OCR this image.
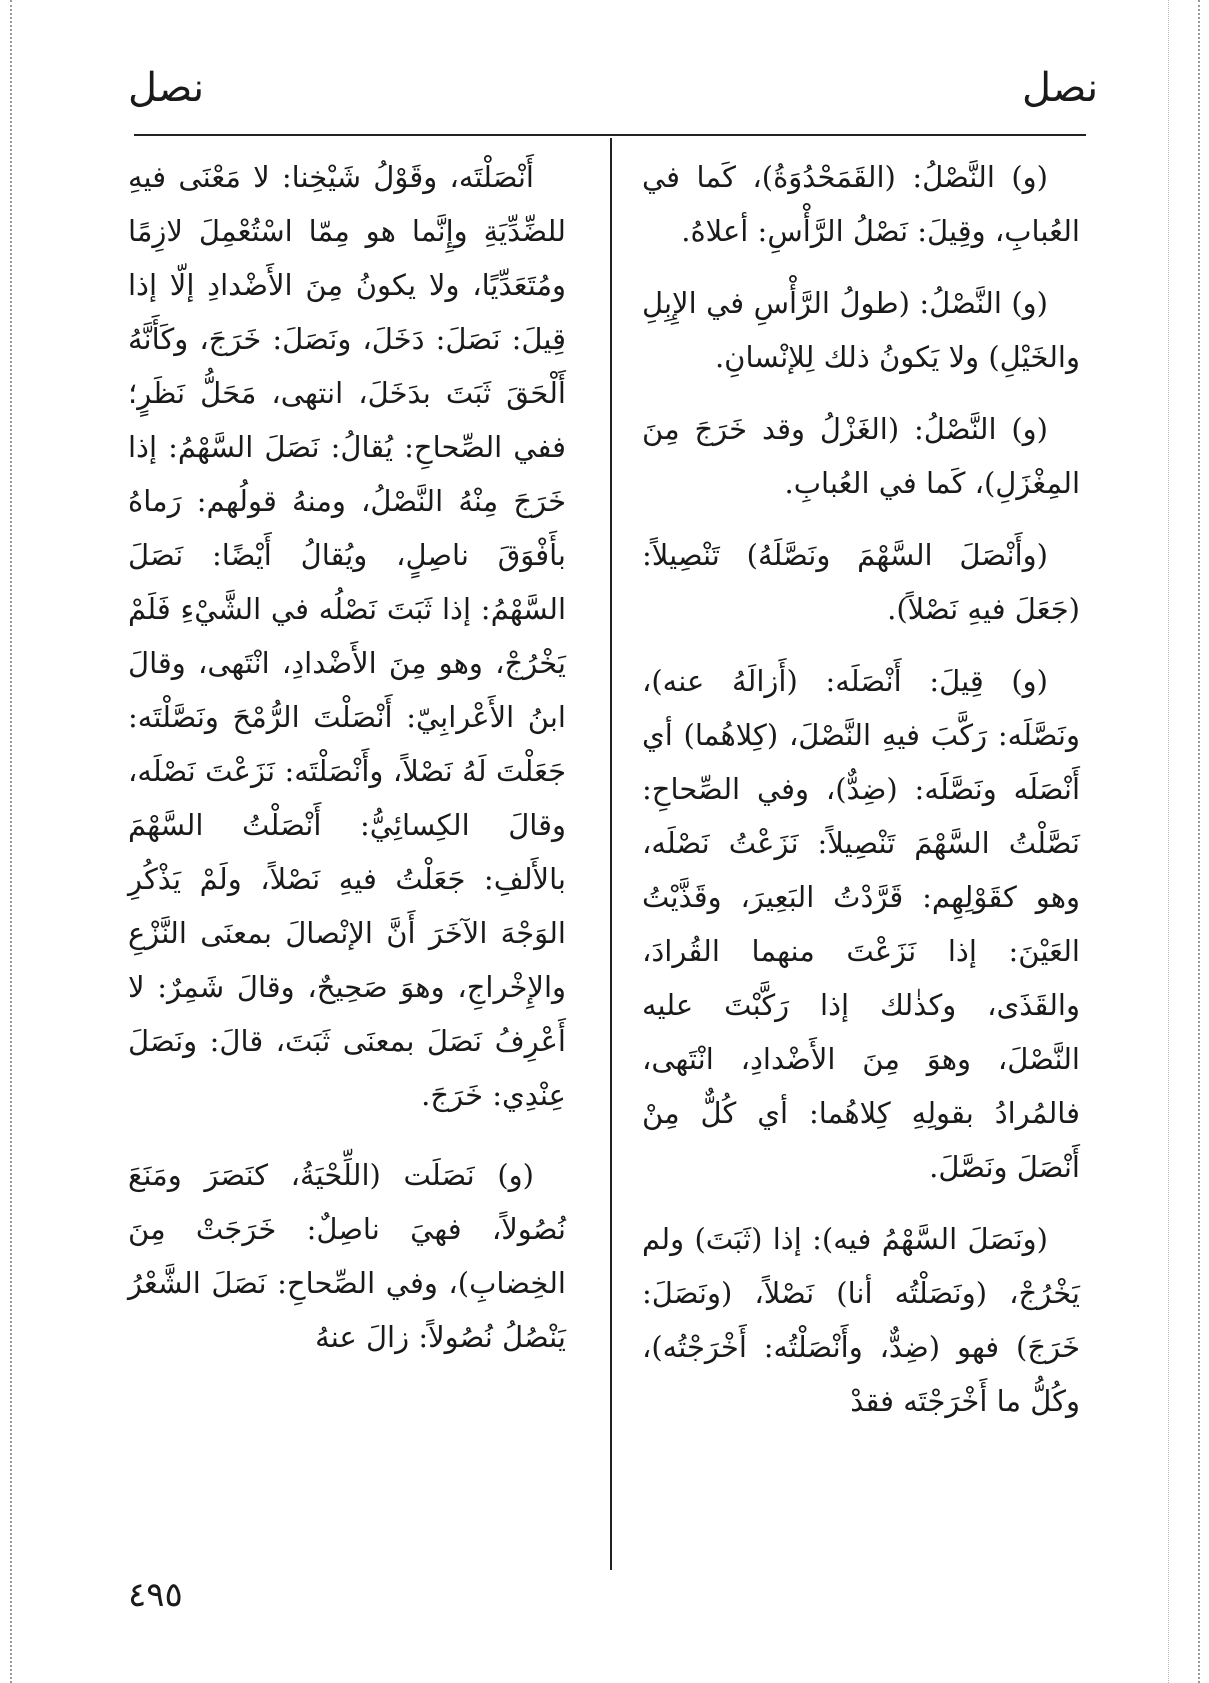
نصل	نصل

(و) النَّصْلُ: (القَمَحْدُوَةُ)، كَما في العُبابِ، وقِيلَ: نَصْلُ الرَّأْسِ: أعلاهُ.

(و) النَّصْلُ: (طولُ الرَّأْسِ في الإِبِلِ والخَيْلِ) ولا يَكونُ ذلك لِلإنْسانِ.

(و) النَّصْلُ: (الغَزْلُ وقد خَرَجَ مِنَ المِغْزَلِ)، كَما في العُبابِ.

(وأَنْصَلَ السَّهْمَ ونَصَّلَهُ) تَنْصِيلاً: (جَعَلَ فيهِ نَصْلاً).

(و) قِيلَ: أَنْصَلَه: (أَزالَهُ عنه)، ونَصَّلَه: رَكَّبَ فيهِ النَّصْلَ، (كِلاهُما) أي أَنْصَلَه ونَصَّلَه: (ضِدٌّ)، وفي الصِّحاحِ: نَصَّلْتُ السَّهْمَ تَنْصِيلاً: نَزَعْتُ نَصْلَه، وهو كقَوْلِهِم: قَرَّدْتُ البَعِيرَ، وقَذَّيْتُ العَيْنَ: إذا نَزَعْتَ منهما القُرادَ، والقَذَى، وكذٰلك إذا رَكَّبْتَ عليه النَّصْلَ، وهوَ مِنَ الأَضْدادِ، انْتَهى، فالمُرادُ بقولِهِ كِلاهُما: أي كُلٌّ مِنْ أَنْصَلَ ونَصَّلَ.

(ونَصَلَ السَّهْمُ فيه): إذا (ثَبَتَ) ولم يَخْرُجْ، (ونَصَلْتُه أنا) نَصْلاً، (ونَصَلَ: خَرَجَ) فهو (ضِدٌّ، وأَنْصَلْتُه: أَخْرَجْتُه)، وكُلُّ ما أَخْرَجْتَه فقدْ

أَنْصَلْتَه، وقَوْلُ شَيْخِنا: لا مَعْنَى فيهِ للضِّدِّيَةِ وإِنَّما هو مِمّا اسْتُعْمِلَ لازِمًا ومُتَعَدِّيًا، ولا يكونُ مِنَ الأَضْدادِ إلّا إذا قِيلَ: نَصَلَ: دَخَلَ، ونَصَلَ: خَرَجَ، وكَأَنَّهُ أَلْحَقَ ثَبَتَ بدَخَلَ، انتهى، مَحَلُّ نَظَرٍ؛ ففي الصِّحاحِ: يُقالُ: نَصَلَ السَّهْمُ: إذا خَرَجَ مِنْهُ النَّصْلُ، ومنهُ قولُهم: رَماهُ بأَفْوَقَ ناصِلٍ، ويُقالُ أَيْضًا: نَصَلَ السَّهْمُ: إذا ثَبَتَ نَصْلُه في الشَّيْءِ فَلَمْ يَخْرُجْ، وهو مِنَ الأَضْدادِ، انْتَهى، وقالَ ابنُ الأَعْرابِيّ: أَنْصَلْتَ الرُّمْحَ ونَصَّلْتَه: جَعَلْتَ لَهُ نَصْلاً، وأَنْصَلْتَه: نَزَعْتَ نَصْلَه، وقالَ الكِسائِيُّ: أَنْصَلْتُ السَّهْمَ بالأَلفِ: جَعَلْتُ فيهِ نَصْلاً، ولَمْ يَذْكُرِ الوَجْهَ الآخَرَ أَنَّ الإنْصالَ بمعنَى النَّزْعِ والإِخْراجِ، وهوَ صَحِيحٌ، وقالَ شَمِرٌ: لا أَعْرِفُ نَصَلَ بمعنَى ثَبَتَ، قالَ: ونَصَلَ عِنْدِي: خَرَجَ.

(و) نَصَلَت (اللِّحْيَةُ، كنَصَرَ ومَنَعَ نُصُولاً، فهيَ ناصِلٌ: خَرَجَتْ مِنَ الخِضابِ)، وفي الصِّحاحِ: نَصَلَ الشَّعْرُ يَنْصُلُ نُصُولاً: زالَ عنهُ

٤٩٥
